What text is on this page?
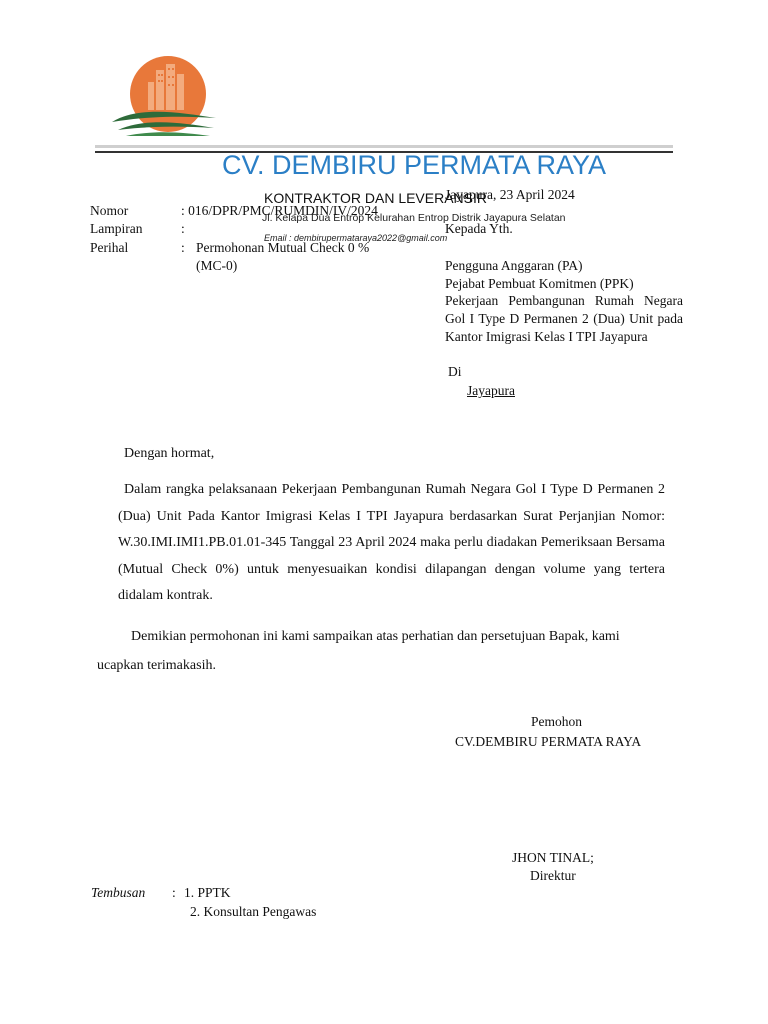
CV. DEMBIRU PERMATA RAYA
KONTRAKTOR DAN LEVERANSIR
Jl. Kelapa Dua Entrop Kelurahan Entrop Distrik Jayapura Selatan
Email : dembirupermataraya2022@gmail.com
Nomor	: 016/DPR/PMC/RUMDIN/IV/2024
Lampiran	:
Perihal	: Permohonan Mutual Check 0 %
(MC-0)
Jayapura, 23 April 2024
Kepada Yth.
Pengguna Anggaran (PA)
Pejabat Pembuat Komitmen (PPK)
Pekerjaan Pembangunan Rumah Negara Gol I Type D Permanen 2 (Dua) Unit pada Kantor Imigrasi Kelas I TPI Jayapura
Di
Jayapura
Dengan hormat,
Dalam rangka pelaksanaan Pekerjaan Pembangunan Rumah Negara Gol I Type D Permanen 2 (Dua) Unit Pada Kantor Imigrasi Kelas I TPI Jayapura berdasarkan Surat Perjanjian Nomor: W.30.IMI.IMI1.PB.01.01-345 Tanggal 23 April 2024 maka perlu diadakan Pemeriksaan Bersama (Mutual Check 0%) untuk menyesuaikan kondisi dilapangan dengan volume yang tertera didalam kontrak.
Demikian permohonan ini kami sampaikan atas perhatian dan persetujuan Bapak, kami ucapkan terimakasih.
Pemohon
CV.DEMBIRU PERMATA RAYA
JHON TINAL;
Direktur
Tembusan : 1. PPTK
2. Konsultan Pengawas
